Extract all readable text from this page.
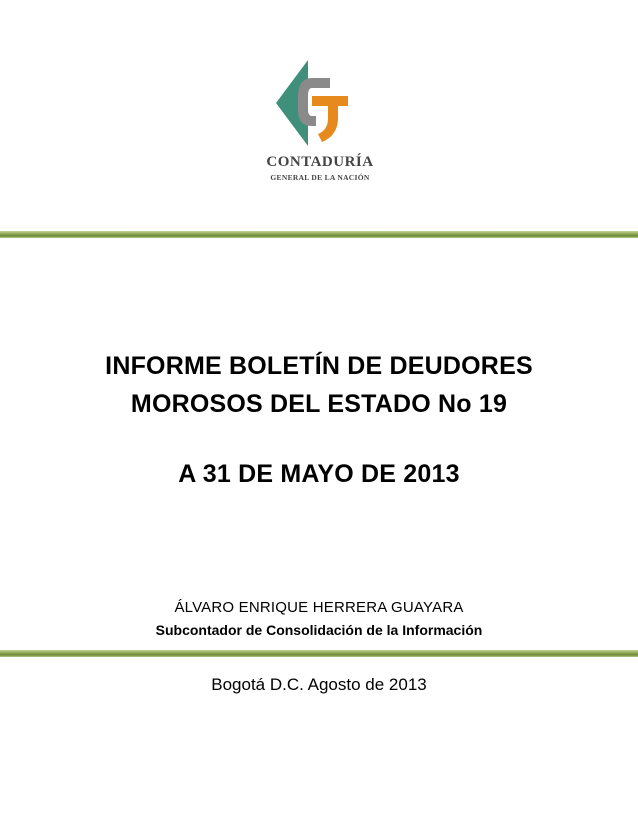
CONTADURÍA
GENERAL DE LA NACIÓN
INFORME BOLETÍN DE DEUDORES
MOROSOS DEL ESTADO No 19
A 31 DE MAYO DE 2013
ÁLVARO ENRIQUE HERRERA GUAYARA
Subcontador de Consolidación de la Información
Bogotá D.C. Agosto de 2013
